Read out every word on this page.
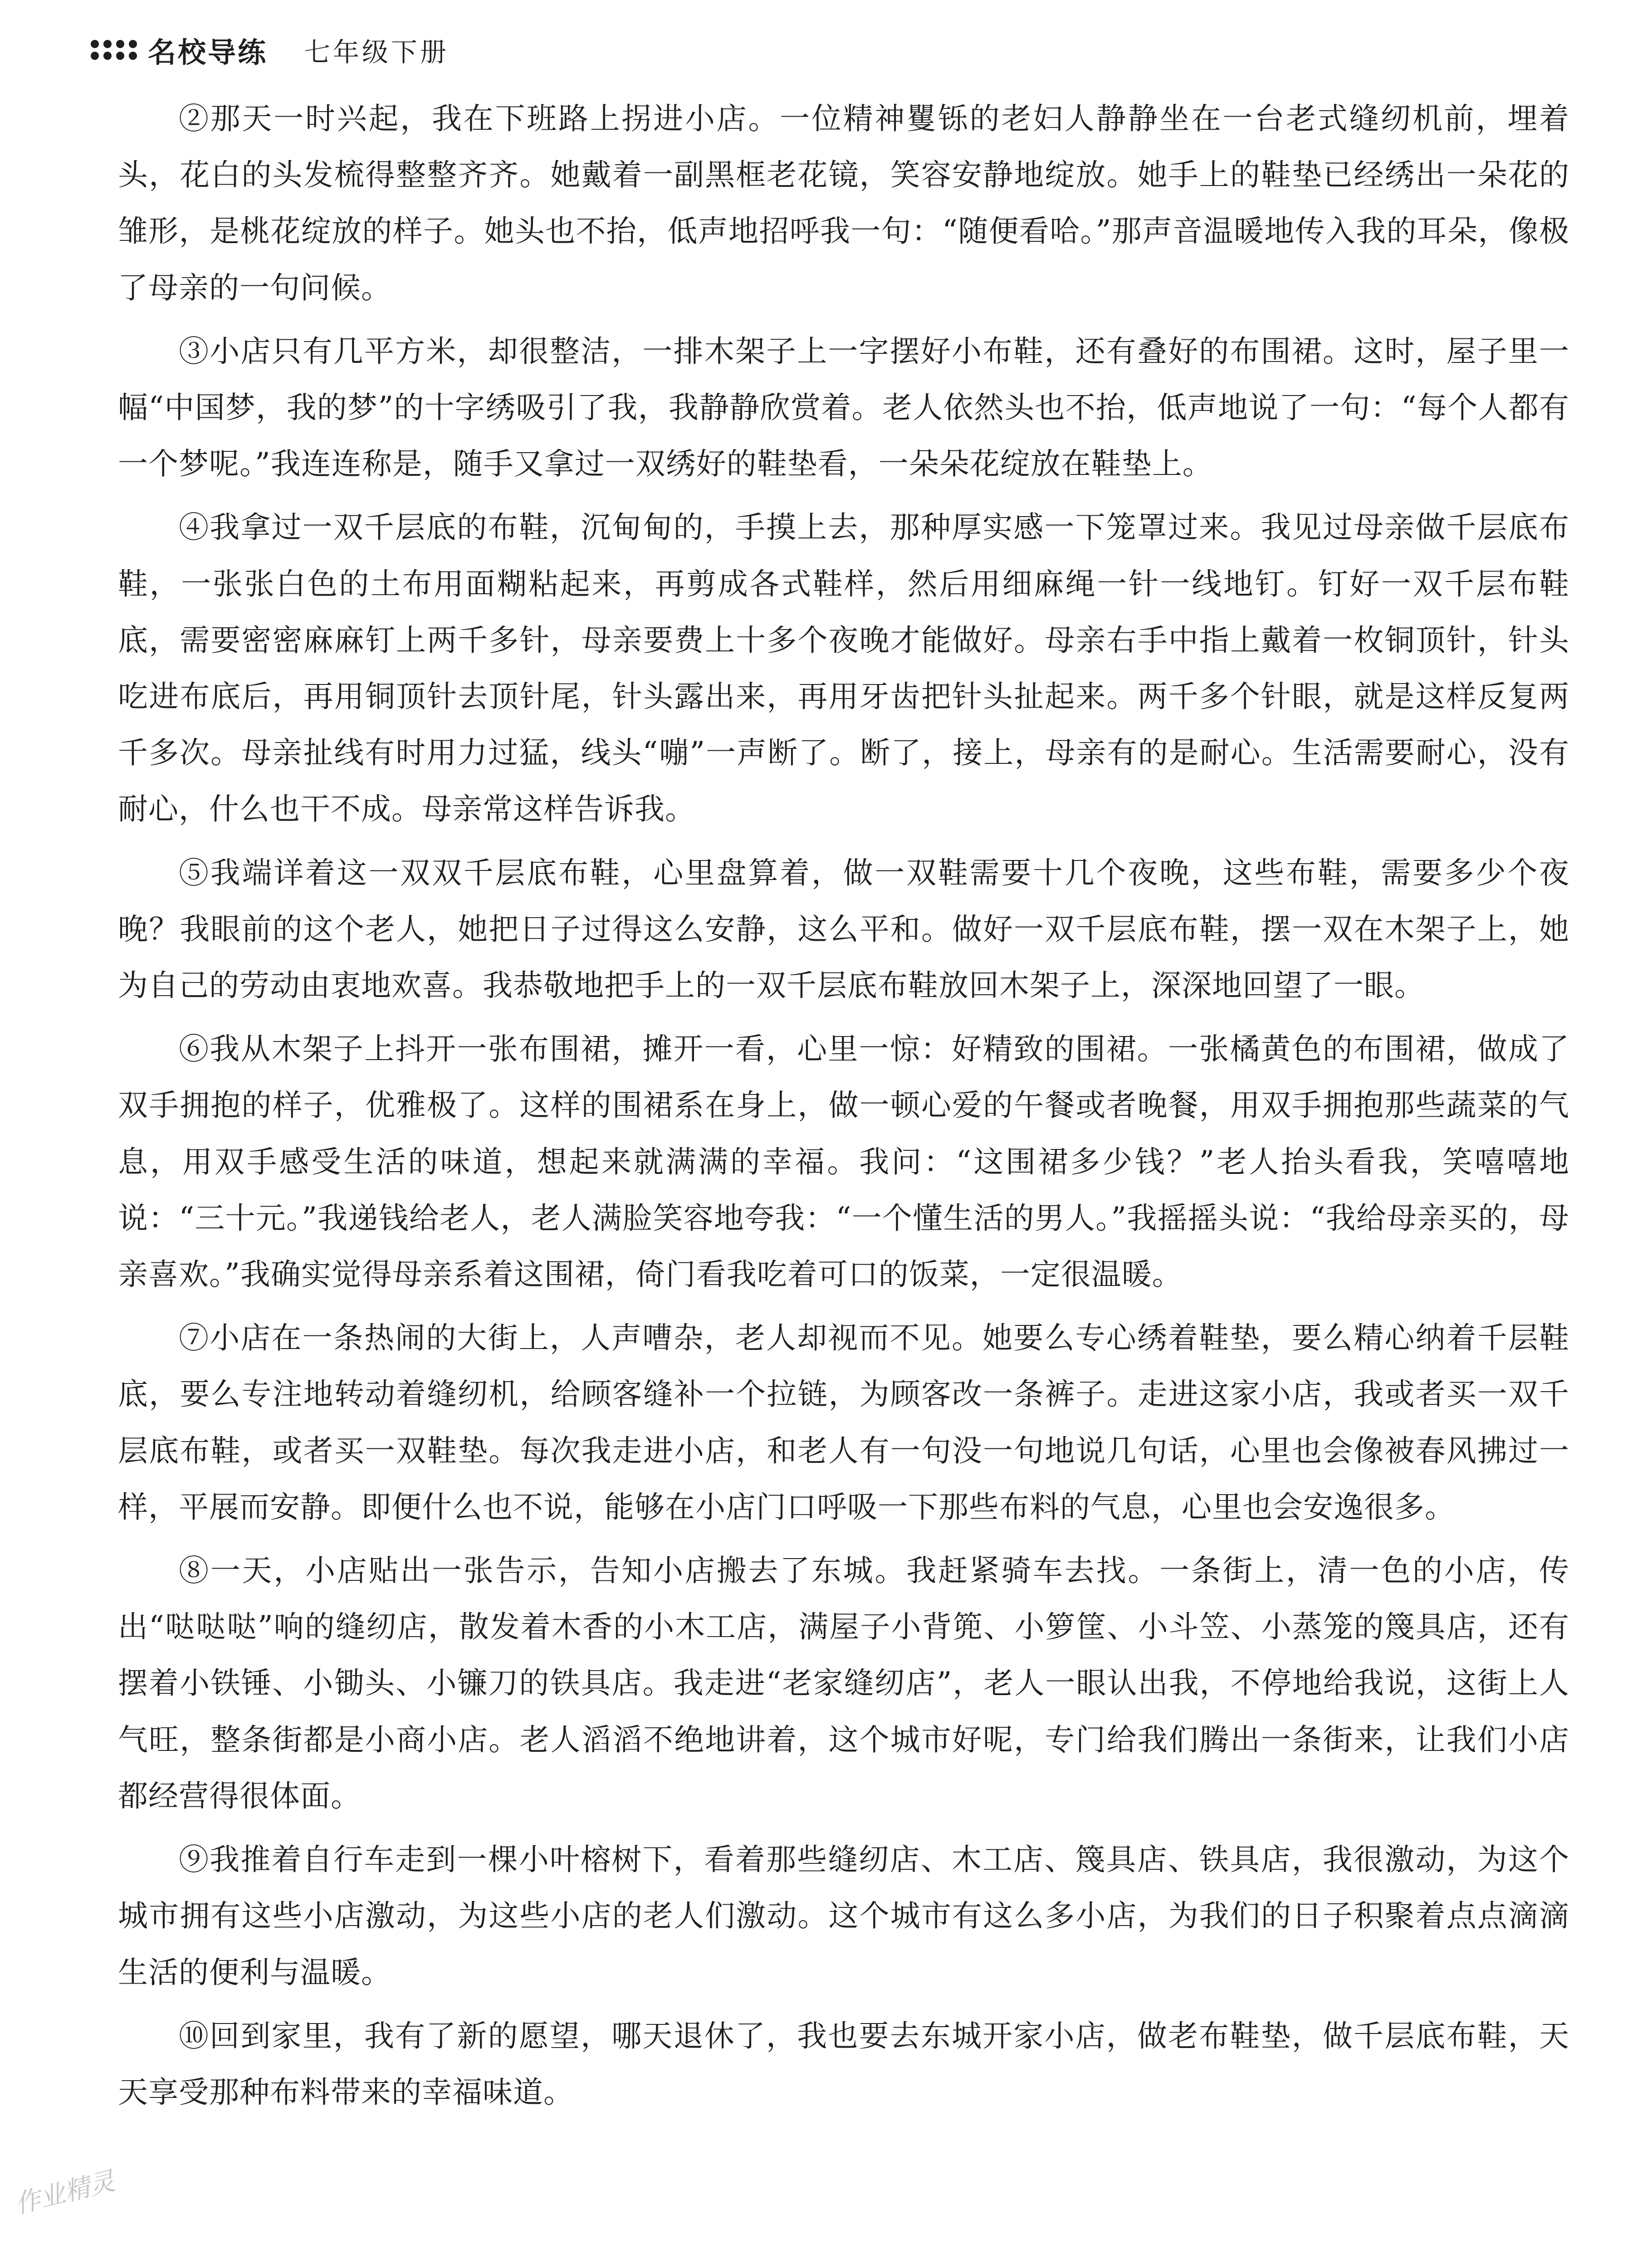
名校导练 七年级下册

②那天一时兴起，我在下班路上拐进小店。一位精神矍铄的老妇人静静坐在一台老式缝纫机前，埋着头，花白的头发梳得整整齐齐。她戴着一副黑框老花镜，笑容安静地绽放。她手上的鞋垫已经绣出一朵花的雏形，是桃花绽放的样子。她头也不抬，低声地招呼我一句：“随便看哈。”那声音温暖地传入我的耳朵，像极了母亲的一句问候。

③小店只有几平方米，却很整洁，一排木架子上一字摆好小布鞋，还有叠好的布围裙。这时，屋子里一幅“中国梦，我的梦”的十字绣吸引了我，我静静欣赏着。老人依然头也不抬，低声地说了一句：“每个人都有一个梦呢。”我连连称是，随手又拿过一双绣好的鞋垫看，一朵朵花绽放在鞋垫上。

④我拿过一双千层底的布鞋，沉甸甸的，手摸上去，那种厚实感一下笼罩过来。我见过母亲做千层底布鞋，一张张白色的土布用面糊粘起来，再剪成各式鞋样，然后用细麻绳一针一线地钉。钉好一双千层布鞋底，需要密密麻麻钉上两千多针，母亲要费上十多个夜晚才能做好。母亲右手中指上戴着一枚铜顶针，针头吃进布底后，再用铜顶针去顶针尾，针头露出来，再用牙齿把针头扯起来。两千多个针眼，就是这样反复两千多次。母亲扯线有时用力过猛，线头“嘣”一声断了。断了，接上，母亲有的是耐心。生活需要耐心，没有耐心，什么也干不成。母亲常这样告诉我。

⑤我端详着这一双双千层底布鞋，心里盘算着，做一双鞋需要十几个夜晚，这些布鞋，需要多少个夜晚？我眼前的这个老人，她把日子过得这么安静，这么平和。做好一双千层底布鞋，摆一双在木架子上，她为自己的劳动由衷地欢喜。我恭敬地把手上的一双千层底布鞋放回木架子上，深深地回望了一眼。

⑥我从木架子上抖开一张布围裙，摊开一看，心里一惊：好精致的围裙。一张橘黄色的布围裙，做成了双手拥抱的样子，优雅极了。这样的围裙系在身上，做一顿心爱的午餐或者晚餐，用双手拥抱那些蔬菜的气息，用双手感受生活的味道，想起来就满满的幸福。我问：“这围裙多少钱？”老人抬头看我，笑嘻嘻地说：“三十元。”我递钱给老人，老人满脸笑容地夸我：“一个懂生活的男人。”我摇摇头说：“我给母亲买的，母亲喜欢。”我确实觉得母亲系着这围裙，倚门看我吃着可口的饭菜，一定很温暖。

⑦小店在一条热闹的大街上，人声嘈杂，老人却视而不见。她要么专心绣着鞋垫，要么精心纳着千层鞋底，要么专注地转动着缝纫机，给顾客缝补一个拉链，为顾客改一条裤子。走进这家小店，我或者买一双千层底布鞋，或者买一双鞋垫。每次我走进小店，和老人有一句没一句地说几句话，心里也会像被春风拂过一样，平展而安静。即便什么也不说，能够在小店门口呼吸一下那些布料的气息，心里也会安逸很多。

⑧一天，小店贴出一张告示，告知小店搬去了东城。我赶紧骑车去找。一条街上，清一色的小店，传出“哒哒哒”响的缝纫店，散发着木香的小木工店，满屋子小背篼、小箩筐、小斗笠、小蒸笼的篾具店，还有摆着小铁锤、小锄头、小镰刀的铁具店。我走进“老家缝纫店”，老人一眼认出我，不停地给我说，这街上人气旺，整条街都是小商小店。老人滔滔不绝地讲着，这个城市好呢，专门给我们腾出一条街来，让我们小店都经营得很体面。

⑨我推着自行车走到一棵小叶榕树下，看着那些缝纫店、木工店、篾具店、铁具店，我很激动，为这个城市拥有这些小店激动，为这些小店的老人们激动。这个城市有这么多小店，为我们的日子积聚着点点滴滴生活的便利与温暖。

⑩回到家里，我有了新的愿望，哪天退休了，我也要去东城开家小店，做老布鞋垫，做千层底布鞋，天天享受那种布料带来的幸福味道。

作业精灵
